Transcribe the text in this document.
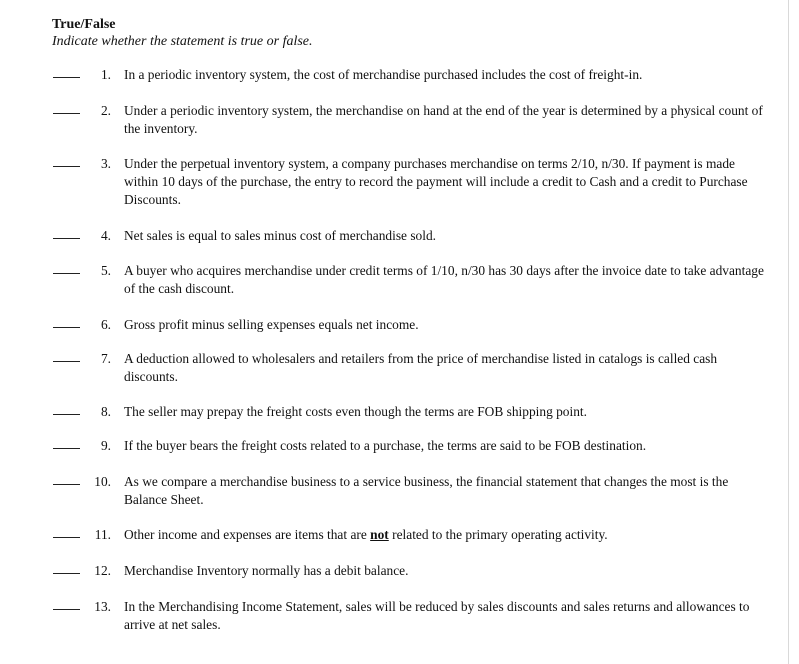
True/False
Indicate whether the statement is true or false.
1. In a periodic inventory system, the cost of merchandise purchased includes the cost of freight-in.
2. Under a periodic inventory system, the merchandise on hand at the end of the year is determined by a physical count of the inventory.
3. Under the perpetual inventory system, a company purchases merchandise on terms 2/10, n/30. If payment is made within 10 days of the purchase, the entry to record the payment will include a credit to Cash and a credit to Purchase Discounts.
4. Net sales is equal to sales minus cost of merchandise sold.
5. A buyer who acquires merchandise under credit terms of 1/10, n/30 has 30 days after the invoice date to take advantage of the cash discount.
6. Gross profit minus selling expenses equals net income.
7. A deduction allowed to wholesalers and retailers from the price of merchandise listed in catalogs is called cash discounts.
8. The seller may prepay the freight costs even though the terms are FOB shipping point.
9. If the buyer bears the freight costs related to a purchase, the terms are said to be FOB destination.
10. As we compare a merchandise business to a service business, the financial statement that changes the most is the Balance Sheet.
11. Other income and expenses are items that are not related to the primary operating activity.
12. Merchandise Inventory normally has a debit balance.
13. In the Merchandising Income Statement, sales will be reduced by sales discounts and sales returns and allowances to arrive at net sales.
